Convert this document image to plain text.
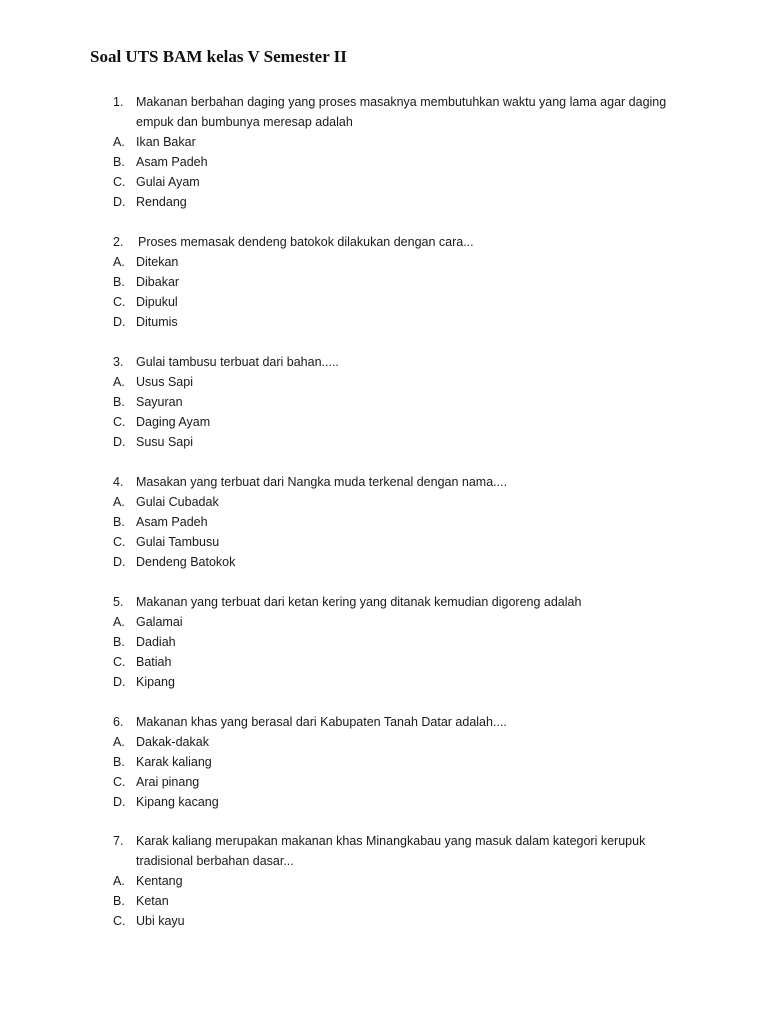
Soal UTS BAM kelas V Semester II
1. Makanan berbahan daging yang proses masaknya membutuhkan waktu yang lama agar daging
empuk dan bumbunya meresap adalah
A. Ikan Bakar
B. Asam Padeh
C. Gulai Ayam
D. Rendang
2. Proses memasak dendeng batokok dilakukan dengan cara...
A. Ditekan
B. Dibakar
C. Dipukul
D. Ditumis
3. Gulai tambusu terbuat dari bahan.....
A. Usus Sapi
B. Sayuran
C. Daging Ayam
D. Susu Sapi
4. Masakan yang terbuat dari Nangka muda terkenal dengan nama....
A. Gulai Cubadak
B. Asam Padeh
C. Gulai Tambusu
D. Dendeng Batokok
5. Makanan yang terbuat dari ketan kering yang ditanak kemudian digoreng adalah
A. Galamai
B. Dadiah
C. Batiah
D. Kipang
6. Makanan khas yang berasal dari Kabupaten Tanah Datar adalah....
A. Dakak-dakak
B. Karak kaliang
C. Arai pinang
D. Kipang kacang
7. Karak kaliang merupakan makanan khas Minangkabau yang masuk dalam kategori kerupuk
tradisional berbahan dasar...
A. Kentang
B. Ketan
C. Ubi kayu
